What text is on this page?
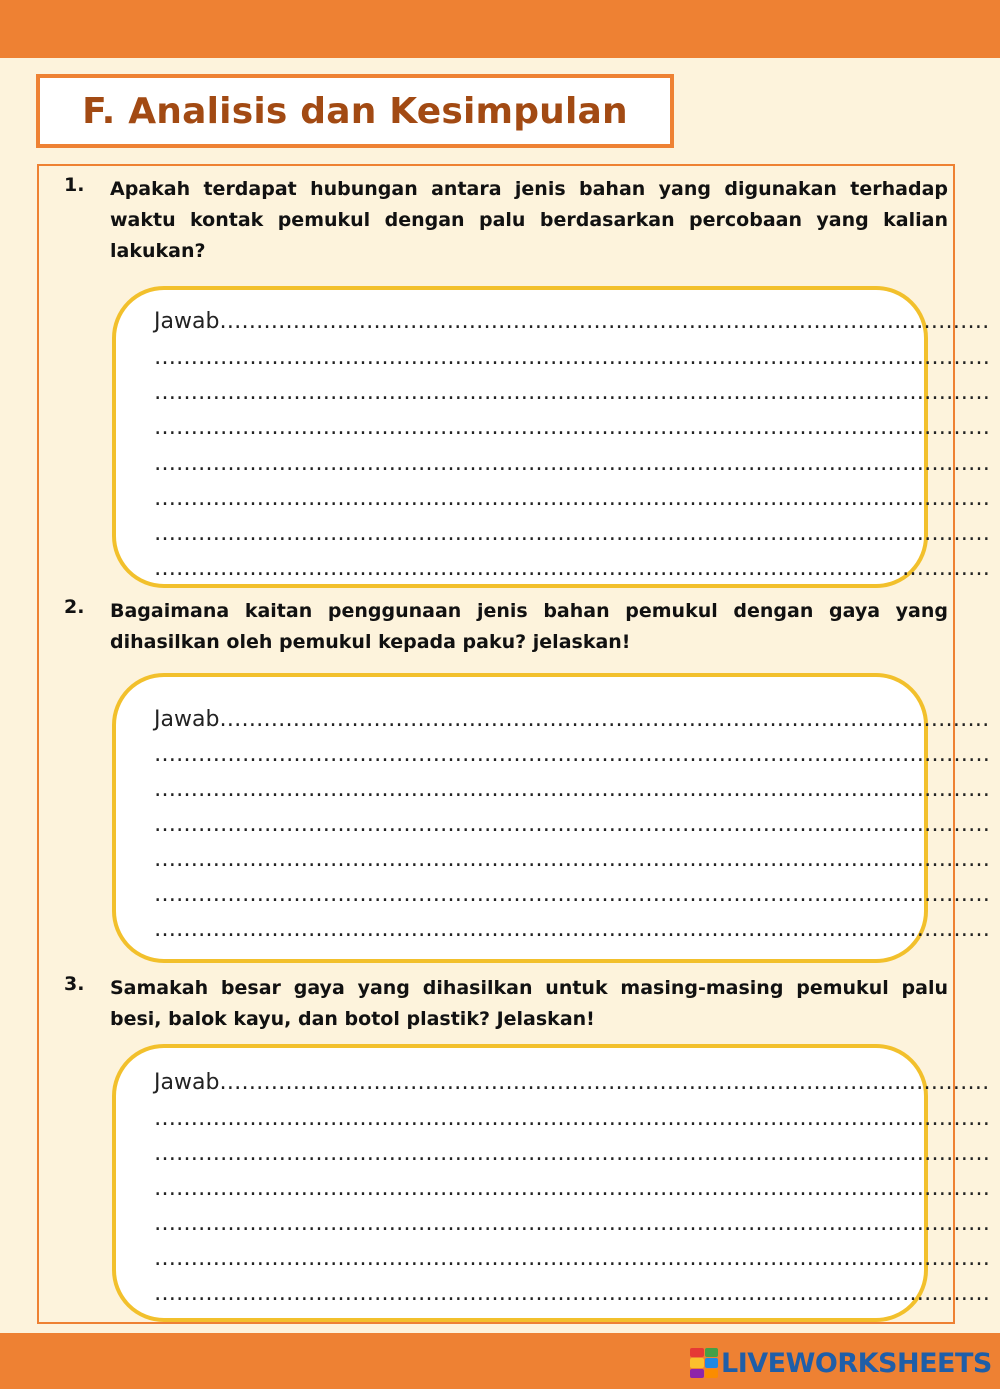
F. Analisis dan Kesimpulan
1.	Apakah terdapat hubungan antara jenis bahan yang digunakan terhadap waktu kontak pemukul dengan palu berdasarkan percobaan yang kalian lakukan?
Jawab……………………………………………………………………………………………
……………………………………………………………………………………………………
……………………………………………………………………………………………………
……………………………………………………………………………………………………
……………………………………………………………………………………………………
……………………………………………………………………………………………………
……………………………………………………………………………………………………
……………………………………………………………………………………………………
2.	Bagaimana kaitan penggunaan jenis bahan pemukul dengan gaya yang dihasilkan oleh pemukul kepada paku? jelaskan!
Jawab……………………………………………………………………………………………
……………………………………………………………………………………………………
……………………………………………………………………………………………………
……………………………………………………………………………………………………
……………………………………………………………………………………………………
……………………………………………………………………………………………………
……………………………………………………………………………………………………
3.	Samakah besar gaya yang dihasilkan untuk masing-masing pemukul palu besi, balok kayu, dan botol plastik? Jelaskan!
Jawab……………………………………………………………………………………………
……………………………………………………………………………………………………
……………………………………………………………………………………………………
……………………………………………………………………………………………………
……………………………………………………………………………………………………
……………………………………………………………………………………………………
……………………………………………………………………………………………………
LIVEWORKSHEETS
